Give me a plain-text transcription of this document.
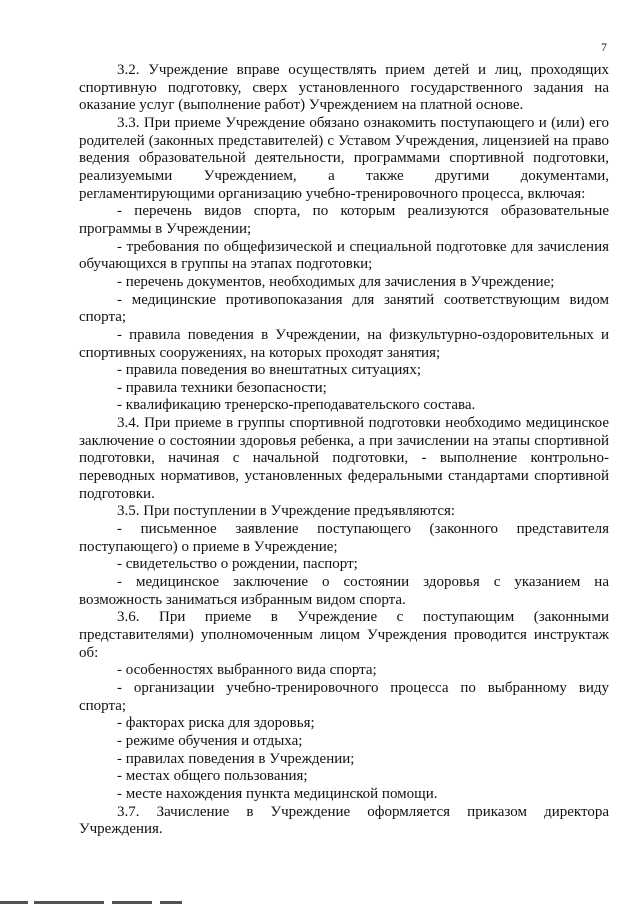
7

3.2. Учреждение вправе осуществлять прием детей и лиц, проходящих спортивную подготовку, сверх установленного государственного задания на оказание услуг (выполнение работ) Учреждением на платной основе.

3.3. При приеме Учреждение обязано ознакомить поступающего и (или) его родителей (законных представителей) с Уставом Учреждения, лицензией на право ведения образовательной деятельности, программами спортивной подготовки, реализуемыми Учреждением, а также другими документами, регламентирующими организацию учебно-тренировочного процесса, включая:

- перечень видов спорта, по которым реализуются образовательные программы в Учреждении;

- требования по общефизической и специальной подготовке для зачисления обучающихся в группы на этапах подготовки;

- перечень документов, необходимых для зачисления в Учреждение;

- медицинские противопоказания для занятий соответствующим видом спорта;

- правила поведения в Учреждении, на физкультурно-оздоровительных и спортивных сооружениях, на которых проходят занятия;

- правила поведения во внештатных ситуациях;

- правила техники безопасности;

- квалификацию тренерско-преподавательского состава.

3.4. При приеме в группы спортивной подготовки необходимо медицинское заключение о состоянии здоровья ребенка, а при зачислении на этапы спортивной подготовки, начиная с начальной подготовки, - выполнение контрольно-переводных нормативов, установленных федеральными стандартами спортивной подготовки.

3.5. При поступлении в Учреждение предъявляются:

- письменное заявление поступающего (законного представителя поступающего) о приеме в Учреждение;

- свидетельство о рождении, паспорт;

- медицинское заключение о состоянии здоровья с указанием на возможность заниматься избранным видом спорта.

3.6. При приеме в Учреждение с поступающим (законными представителями) уполномоченным лицом Учреждения проводится инструктаж об:

- особенностях выбранного вида спорта;

- организации учебно-тренировочного процесса по выбранному виду спорта;

- факторах риска для здоровья;

- режиме обучения и отдыха;

- правилах поведения в Учреждении;

- местах общего пользования;

- месте нахождения пункта медицинской помощи.

3.7. Зачисление в Учреждение оформляется приказом директора Учреждения.
